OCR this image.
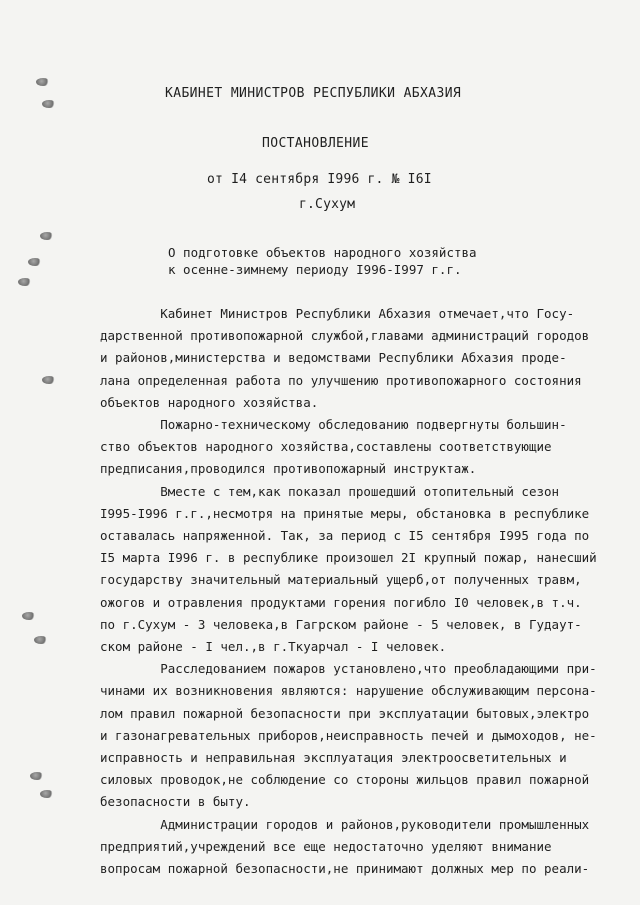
КАБИНЕТ МИНИСТРОВ РЕСПУБЛИКИ АБХАЗИЯ
ПОСТАНОВЛЕНИЕ
от I4 сентября I996 г. № I6I
г.Сухум
О подготовке объектов народного хозяйства
к осенне-зимнему периоду I996-I997 г.г.
Кабинет Министров Республики Абхазия отмечает,что Госу-
дарственной противопожарной службой,главами администраций городов
и районов,министерства и ведомствами Республики Абхазия проде-
лана определенная работа по улучшению противопожарного состояния
объектов народного хозяйства.
Пожарно-техническому обследованию подвергнуты большин-
ство объектов народного хозяйства,составлены соответствующие
предписания,проводился противопожарный инструктаж.
Вместе с тем,как показал прошедший отопительный сезон
I995-I996 г.г.,несмотря на принятые меры, обстановка в республике
оставалась напряженной. Так, за период с I5 сентября I995 года по
I5 марта I996 г. в республике произошел 2I крупный пожар, нанесший
государству значительный материальный ущерб,от полученных травм,
ожогов и отравления продуктами горения погибло I0 человек,в т.ч.
по г.Сухум - 3 человека,в Гагрском районе - 5 человек, в Гудаут-
ском районе - I чел.,в г.Ткуарчал - I человек.
Расследованием пожаров установлено,что преобладающими при-
чинами их возникновения являются: нарушение обслуживающим персона-
лом правил пожарной безопасности при эксплуатации бытовых,электро
и газонагревательных приборов,неисправность печей и дымоходов, не-
исправность и неправильная эксплуатация электроосветительных и
силовых проводок,не соблюдение со стороны жильцов правил пожарной
безопасности в быту.
Администрации городов и районов,руководители промышленных
предприятий,учреждений все еще недостаточно уделяют внимание
вопросам пожарной безопасности,не принимают должных мер по реали-
